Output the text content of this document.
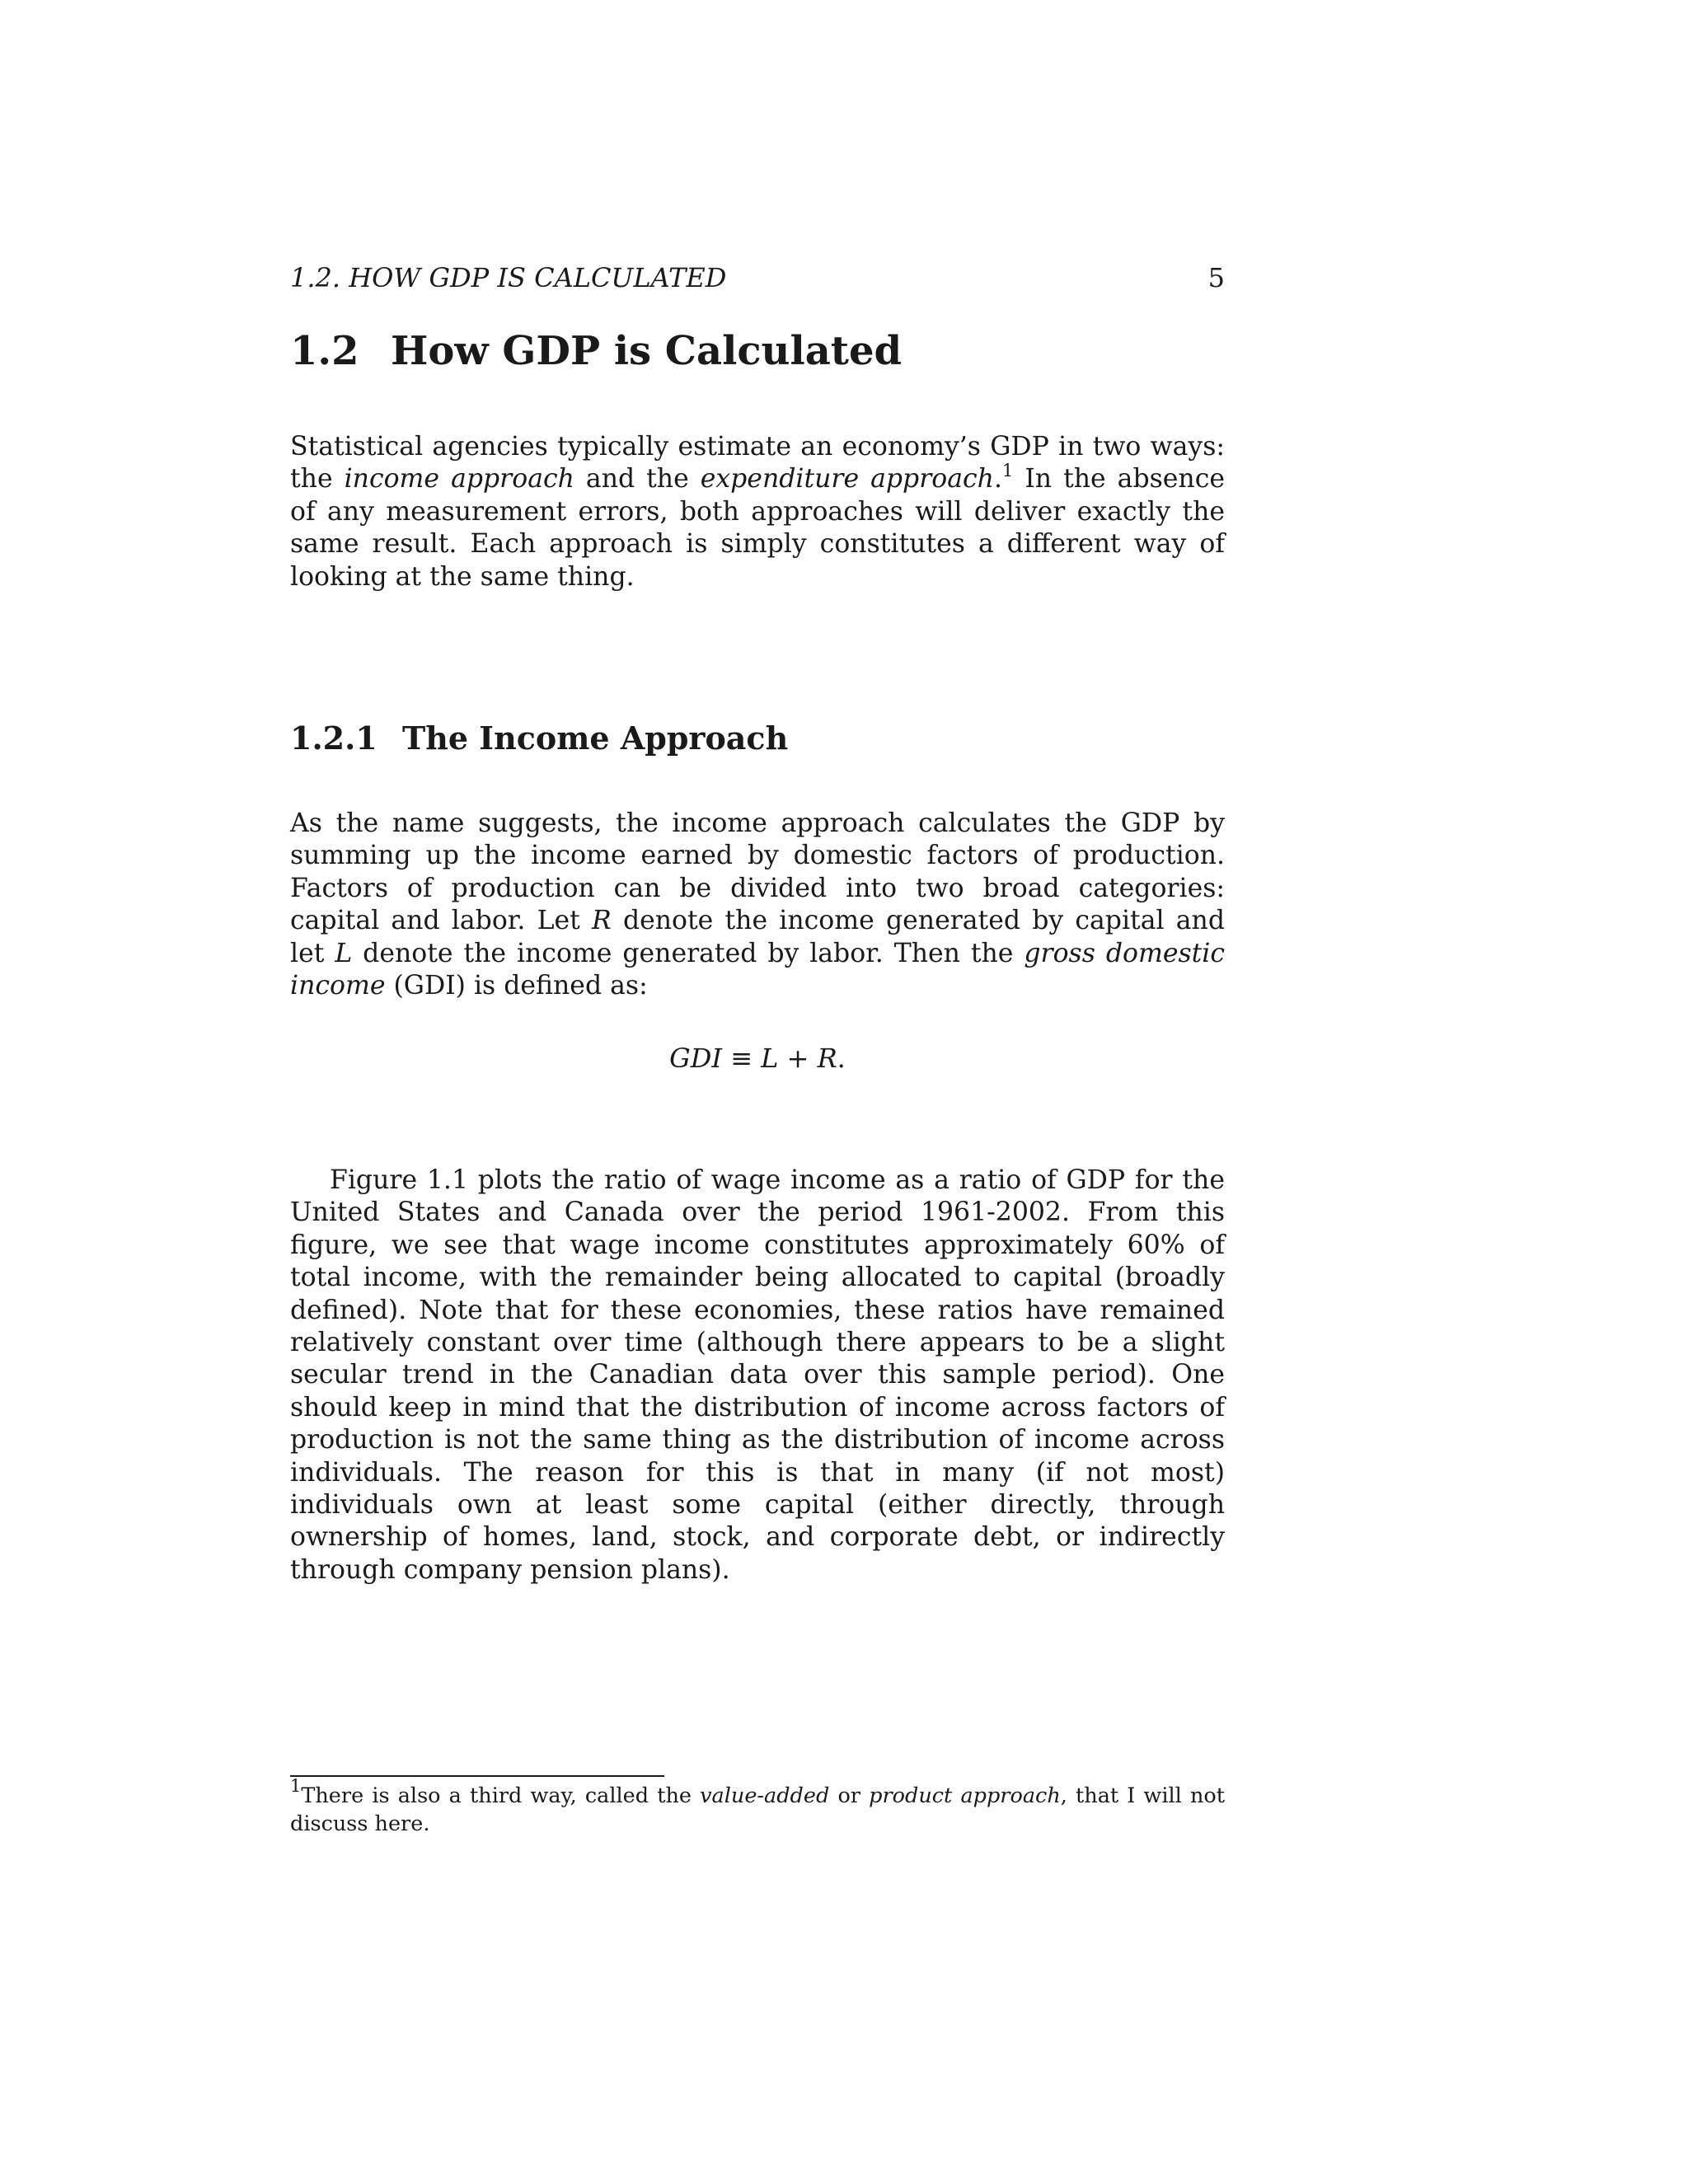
1.2. HOW GDP IS CALCULATED	5
1.2 How GDP is Calculated

Statistical agencies typically estimate an economy’s GDP in two ways: the income approach and the expenditure approach.$^1$ In the absence of any measurement errors, both approaches will deliver exactly the same result. Each approach is simply constitutes a different way of looking at the same thing.

1.2.1 The Income Approach

As the name suggests, the income approach calculates the GDP by summing up the income earned by domestic factors of production. Factors of production can be divided into two broad categories: capital and labor. Let R denote the income generated by capital and let L denote the income generated by labor. Then the gross domestic income (GDI) is defined as:

GDI ≡ L + R.

Figure 1.1 plots the ratio of wage income as a ratio of GDP for the United States and Canada over the period 1961-2002. From this figure, we see that wage income constitutes approximately 60% of total income, with the remainder being allocated to capital (broadly defined). Note that for these economies, these ratios have remained relatively constant over time (although there appears to be a slight secular trend in the Canadian data over this sample period). One should keep in mind that the distribution of income across factors of production is not the same thing as the distribution of income across individuals. The reason for this is that in many (if not most) individuals own at least some capital (either directly, through ownership of homes, land, stock, and corporate debt, or indirectly through company pension plans).

$^1$There is also a third way, called the value-added or product approach, that I will not discuss here.
